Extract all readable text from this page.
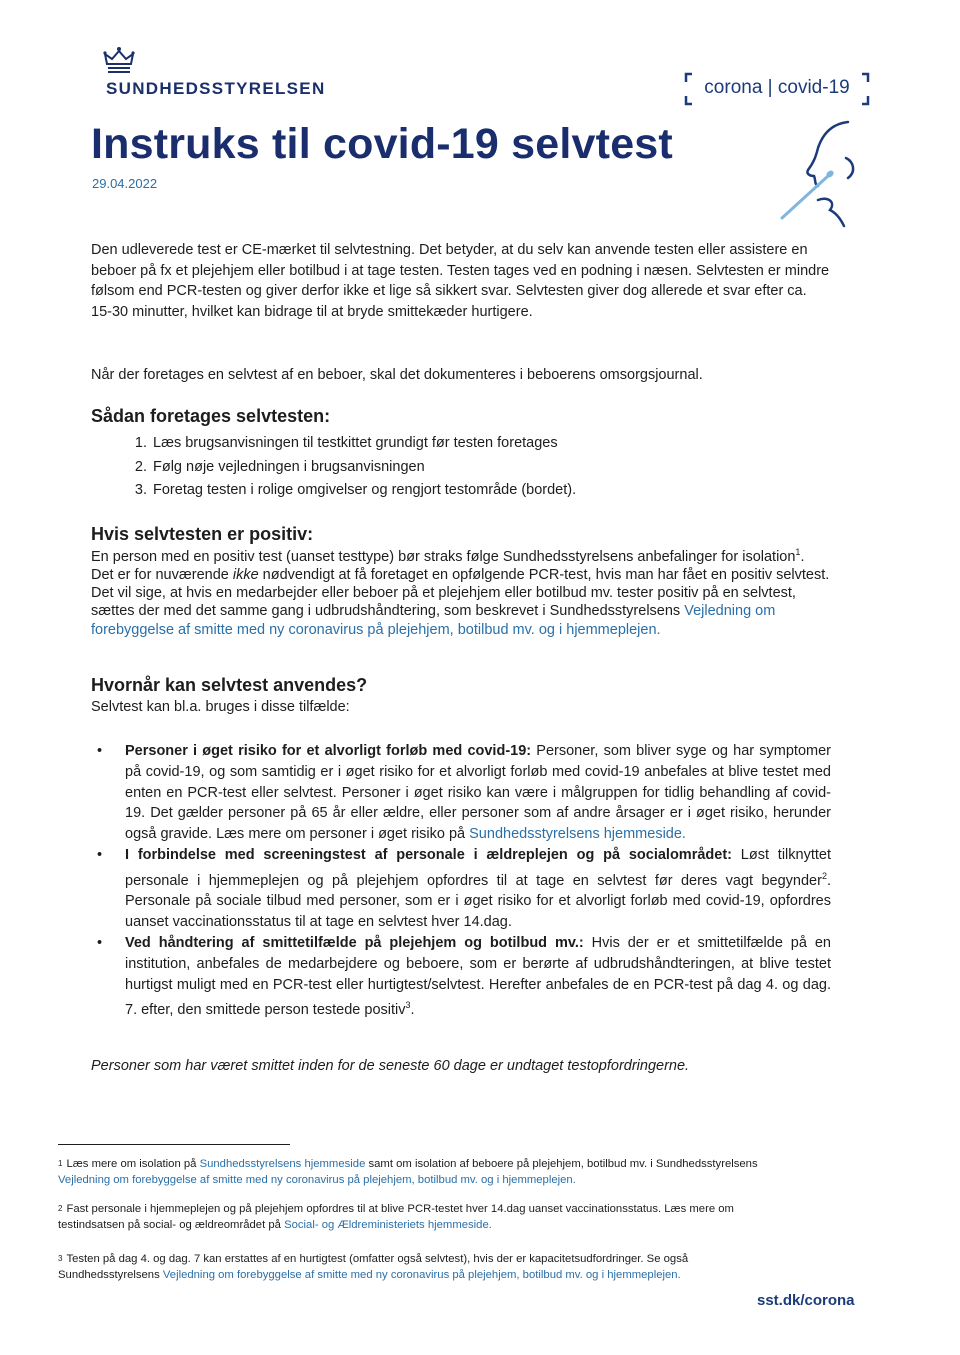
SUNDHEDSSTYRELSEN	corona | covid-19
Instruks til covid-19 selvtest
29.04.2022
Den udleverede test er CE-mærket til selvtestning. Det betyder, at du selv kan anvende testen eller assistere en beboer på fx et plejehjem eller botilbud i at tage testen. Testen tages ved en podning i næsen. Selvtesten er mindre følsom end PCR-testen og giver derfor ikke et lige så sikkert svar. Selvtesten giver dog allerede et svar efter ca. 15-30 minutter, hvilket kan bidrage til at bryde smittekæder hurtigere.
Når der foretages en selvtest af en beboer, skal det dokumenteres i beboerens omsorgsjournal.
Sådan foretages selvtesten:
1. Læs brugsanvisningen til testkittet grundigt før testen foretages
2. Følg nøje vejledningen i brugsanvisningen
3. Foretag testen i rolige omgivelser og rengjort testområde (bordet).
Hvis selvtesten er positiv:
En person med en positiv test (uanset testtype) bør straks følge Sundhedsstyrelsens anbefalinger for isolation$^1$. Det er for nuværende ikke nødvendigt at få foretaget en opfølgende PCR-test, hvis man har fået en positiv selvtest. Det vil sige, at hvis en medarbejder eller beboer på et plejehjem eller botilbud mv. tester positiv på en selvtest, sættes der med det samme gang i udbrudshåndtering, som beskrevet i Sundhedsstyrelsens Vejledning om forebyggelse af smitte med ny coronavirus på plejehjem, botilbud mv. og i hjemmeplejen.
Hvornår kan selvtest anvendes?
Selvtest kan bl.a. bruges i disse tilfælde:
• Personer i øget risiko for et alvorligt forløb med covid-19: Personer, som bliver syge og har symptomer på covid-19, og som samtidig er i øget risiko for et alvorligt forløb med covid-19 anbefales at blive testet med enten en PCR-test eller selvtest. Personer i øget risiko kan være i målgruppen for tidlig behandling af covid-19. Det gælder personer på 65 år eller ældre, eller personer som af andre årsager er i øget risiko, herunder også gravide. Læs mere om personer i øget risiko på Sundhedsstyrelsens hjemmeside.
• I forbindelse med screeningstest af personale i ældreplejen og på socialområdet: Løst tilknyttet personale i hjemmeplejen og på plejehjem opfordres til at tage en selvtest før deres vagt begynder$^2$. Personale på sociale tilbud med personer, som er i øget risiko for et alvorligt forløb med covid-19, opfordres uanset vaccinationsstatus til at tage en selvtest hver 14.dag.
• Ved håndtering af smittetilfælde på plejehjem og botilbud mv.: Hvis der er et smittetilfælde på en institution, anbefales de medarbejdere og beboere, som er berørte af udbrudshåndteringen, at blive testet hurtigst muligt med en PCR-test eller hurtigtest/selvtest. Herefter anbefales de en PCR-test på dag 4. og dag. 7. efter, den smittede person testede positiv$^3$.
Personer som har været smittet inden for de seneste 60 dage er undtaget testopfordringerne.
$^1$ Læs mere om isolation på Sundhedsstyrelsens hjemmeside samt om isolation af beboere på plejehjem, botilbud mv. i Sundhedsstyrelsens Vejledning om forebyggelse af smitte med ny coronavirus på plejehjem, botilbud mv. og i hjemmeplejen.
$^2$ Fast personale i hjemmeplejen og på plejehjem opfordres til at blive PCR-testet hver 14.dag uanset vaccinationsstatus. Læs mere om testindsatsen på social- og ældreområdet på Social- og Ældreministeriets hjemmeside.
$^3$ Testen på dag 4. og dag. 7 kan erstattes af en hurtigtest (omfatter også selvtest), hvis der er kapacitetsudfordringer. Se også Sundhedsstyrelsens Vejledning om forebyggelse af smitte med ny coronavirus på plejehjem, botilbud mv. og i hjemmeplejen.
sst.dk/corona
